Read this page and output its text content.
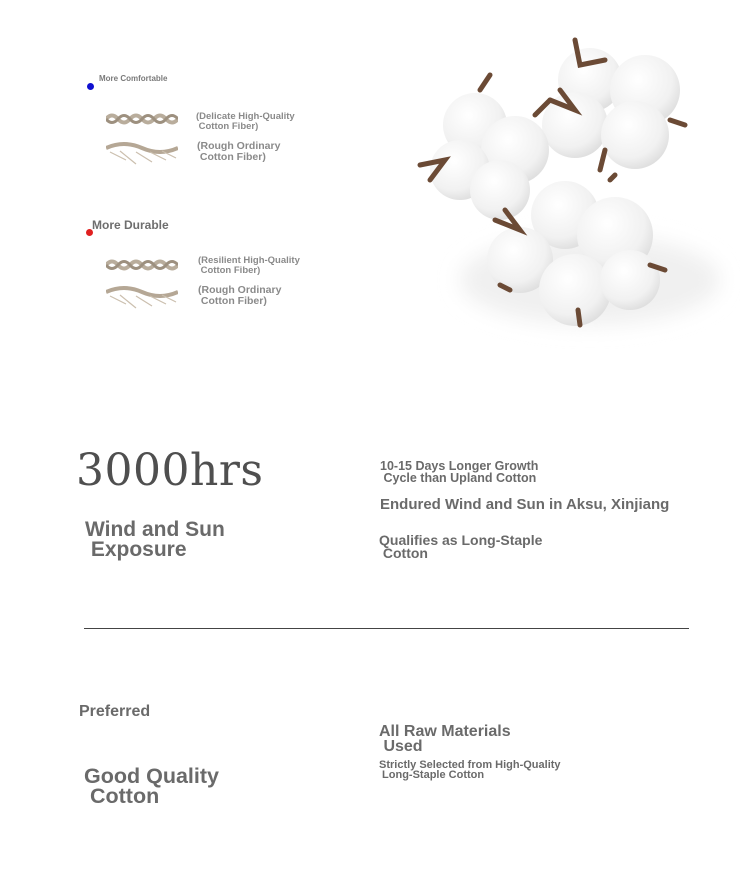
More Comfortable
(Delicate High-Quality
Cotton Fiber)
(Rough Ordinary
Cotton Fiber)
More Durable
(Resilient High-Quality
Cotton Fiber)
(Rough Ordinary
Cotton Fiber)
3000hrs
Wind and Sun
Exposure
10-15 Days Longer Growth
Cycle than Upland Cotton
Endured Wind and Sun in Aksu, Xinjiang
Qualifies as Long-Staple
Cotton
Preferred
Good Quality
Cotton
All Raw Materials
Used
Strictly Selected from High-Quality
Long-Staple Cotton
